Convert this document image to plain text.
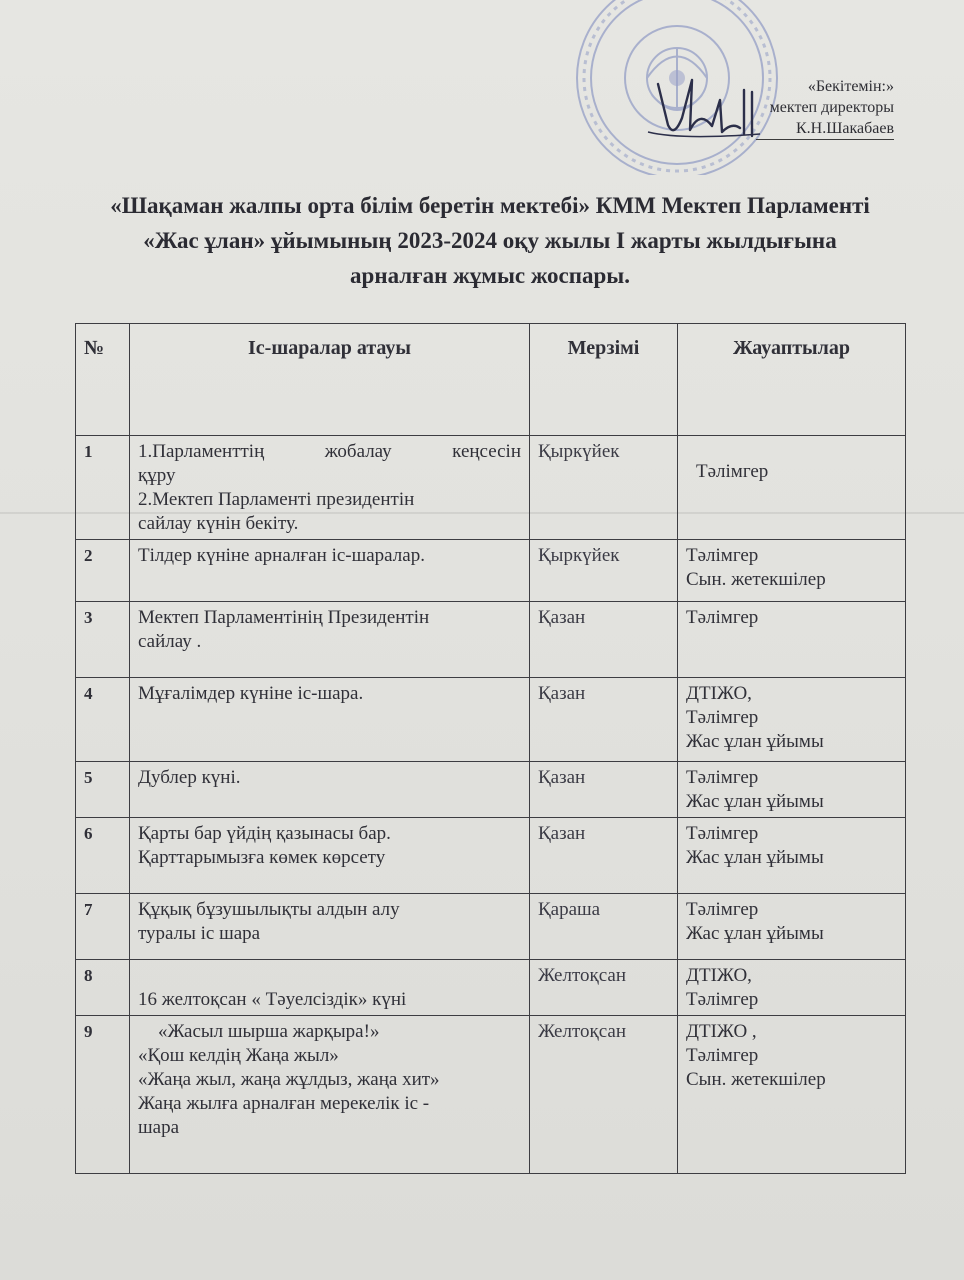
«Бекітемін:»
мектеп директоры
К.Н.Шакабаев
«Шақаман жалпы орта білім беретін мектебі» КММ Мектеп Парламенті «Жас ұлан» ұйымының 2023-2024 оқу жылы І жарты жылдығына арналған жұмыс жоспары.
№	Іс-шаралар атауы	Мерзімі	Жауаптылар
1	1.Парламенттің жобалау кеңсесін
құру
2.Мектеп Парламенті президентін
сайлау күнін бекіту.	Қыркүйек	Тәлімгер

2	Тілдер күніне арналған іс-шаралар.	Қыркүйек	Тәлімгер
Сын. жетекшілер

3	Мектеп Парламентінің Президентін
сайлау .	Қазан	Тәлімгер

4	Мұғалімдер күніне іс-шара.	Қазан	ДТІЖО,
Тәлімгер
Жас ұлан ұйымы

5	Дублер күні.	Қазан	Тәлімгер
Жас ұлан ұйымы

6	Қарты бар үйдің қазынасы бар.
Қарттарымызға көмек көрсету	Қазан	Тәлімгер
Жас ұлан ұйымы

7	Құқық бұзушылықты алдын алу
туралы іс шара	Қараша	Тәлімгер
Жас ұлан ұйымы

8	16 желтоқсан « Тәуелсіздік» күні	Желтоқсан	ДТІЖО,
Тәлімгер

9	«Жасыл шырша жарқыра!»
«Қош келдің Жаңа жыл»
«Жаңа жыл, жаңа жұлдыз, жаңа хит»
Жаңа жылға арналған мерекелік іс -
шара	Желтоқсан	ДТІЖО ,
Тәлімгер
Сын. жетекшілер
